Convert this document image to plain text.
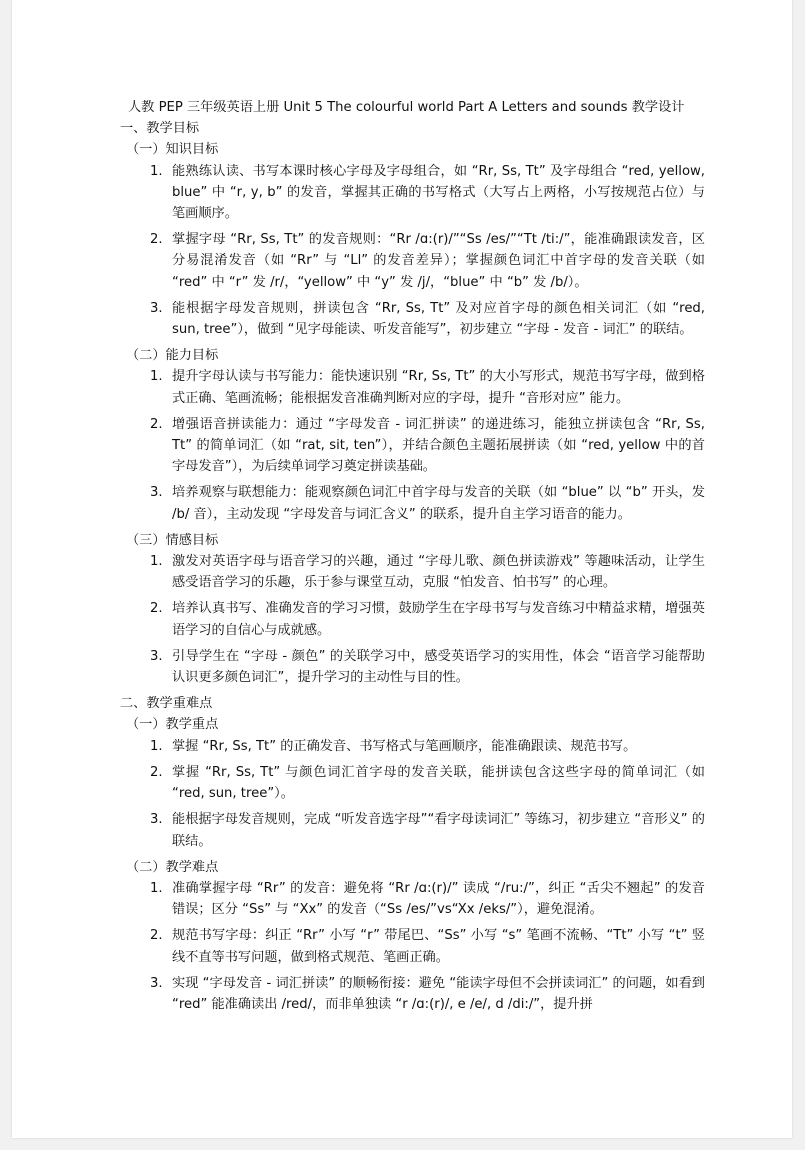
人教 PEP 三年级英语上册 Unit 5 The colourful world Part A Letters and sounds 教学设计
一、教学目标
（一）知识目标
1. 能熟练认读、书写本课时核心字母及字母组合，如 “Rr, Ss, Tt” 及字母组合 “red, yellow, blue” 中 “r, y, b” 的发音，掌握其正确的书写格式（大写占上两格，小写按规范占位）与笔画顺序。
2. 掌握字母 “Rr, Ss, Tt” 的发音规则：“Rr /ɑ:(r)/”“Ss /es/”“Tt /ti:/”，能准确跟读发音，区分易混淆发音（如 “Rr” 与 “Ll” 的发音差异）；掌握颜色词汇中首字母的发音关联（如 “red” 中 “r” 发 /r/，“yellow” 中 “y” 发 /j/，“blue” 中 “b” 发 /b/）。
3. 能根据字母发音规则，拼读包含 “Rr, Ss, Tt” 及对应首字母的颜色相关词汇（如 “red, sun, tree”），做到 “见字母能读、听发音能写”，初步建立 “字母 - 发音 - 词汇” 的联结。
（二）能力目标
1. 提升字母认读与书写能力：能快速识别 “Rr, Ss, Tt” 的大小写形式，规范书写字母，做到格式正确、笔画流畅；能根据发音准确判断对应的字母，提升 “音形对应” 能力。
2. 增强语音拼读能力：通过 “字母发音 - 词汇拼读” 的递进练习，能独立拼读包含 “Rr, Ss, Tt” 的简单词汇（如 “rat, sit, ten”），并结合颜色主题拓展拼读（如 “red, yellow 中的首字母发音”），为后续单词学习奠定拼读基础。
3. 培养观察与联想能力：能观察颜色词汇中首字母与发音的关联（如 “blue” 以 “b” 开头，发 /b/ 音），主动发现 “字母发音与词汇含义” 的联系，提升自主学习语音的能力。
（三）情感目标
1. 激发对英语字母与语音学习的兴趣，通过 “字母儿歌、颜色拼读游戏” 等趣味活动，让学生感受语音学习的乐趣，乐于参与课堂互动，克服 “怕发音、怕书写” 的心理。
2. 培养认真书写、准确发音的学习习惯，鼓励学生在字母书写与发音练习中精益求精，增强英语学习的自信心与成就感。
3. 引导学生在 “字母 - 颜色” 的关联学习中，感受英语学习的实用性，体会 “语音学习能帮助认识更多颜色词汇”，提升学习的主动性与目的性。
二、教学重难点
（一）教学重点
1. 掌握 “Rr, Ss, Tt” 的正确发音、书写格式与笔画顺序，能准确跟读、规范书写。
2. 掌握 “Rr, Ss, Tt” 与颜色词汇首字母的发音关联，能拼读包含这些字母的简单词汇（如 “red, sun, tree”）。
3. 能根据字母发音规则，完成 “听发音选字母”“看字母读词汇” 等练习，初步建立 “音形义” 的联结。
（二）教学难点
1. 准确掌握字母 “Rr” 的发音：避免将 “Rr /ɑ:(r)/” 读成 “/ru:/”，纠正 “舌尖不翘起” 的发音错误；区分 “Ss” 与 “Xx” 的发音（“Ss /es/”vs“Xx /eks/”），避免混淆。
2. 规范书写字母：纠正 “Rr” 小写 “r” 带尾巴、“Ss” 小写 “s” 笔画不流畅、“Tt” 小写 “t” 竖线不直等书写问题，做到格式规范、笔画正确。
3. 实现 “字母发音 - 词汇拼读” 的顺畅衔接：避免 “能读字母但不会拼读词汇” 的问题，如看到 “red” 能准确读出 /red/，而非单独读 “r /ɑ:(r)/, e /e/, d /di:/”，提升拼
